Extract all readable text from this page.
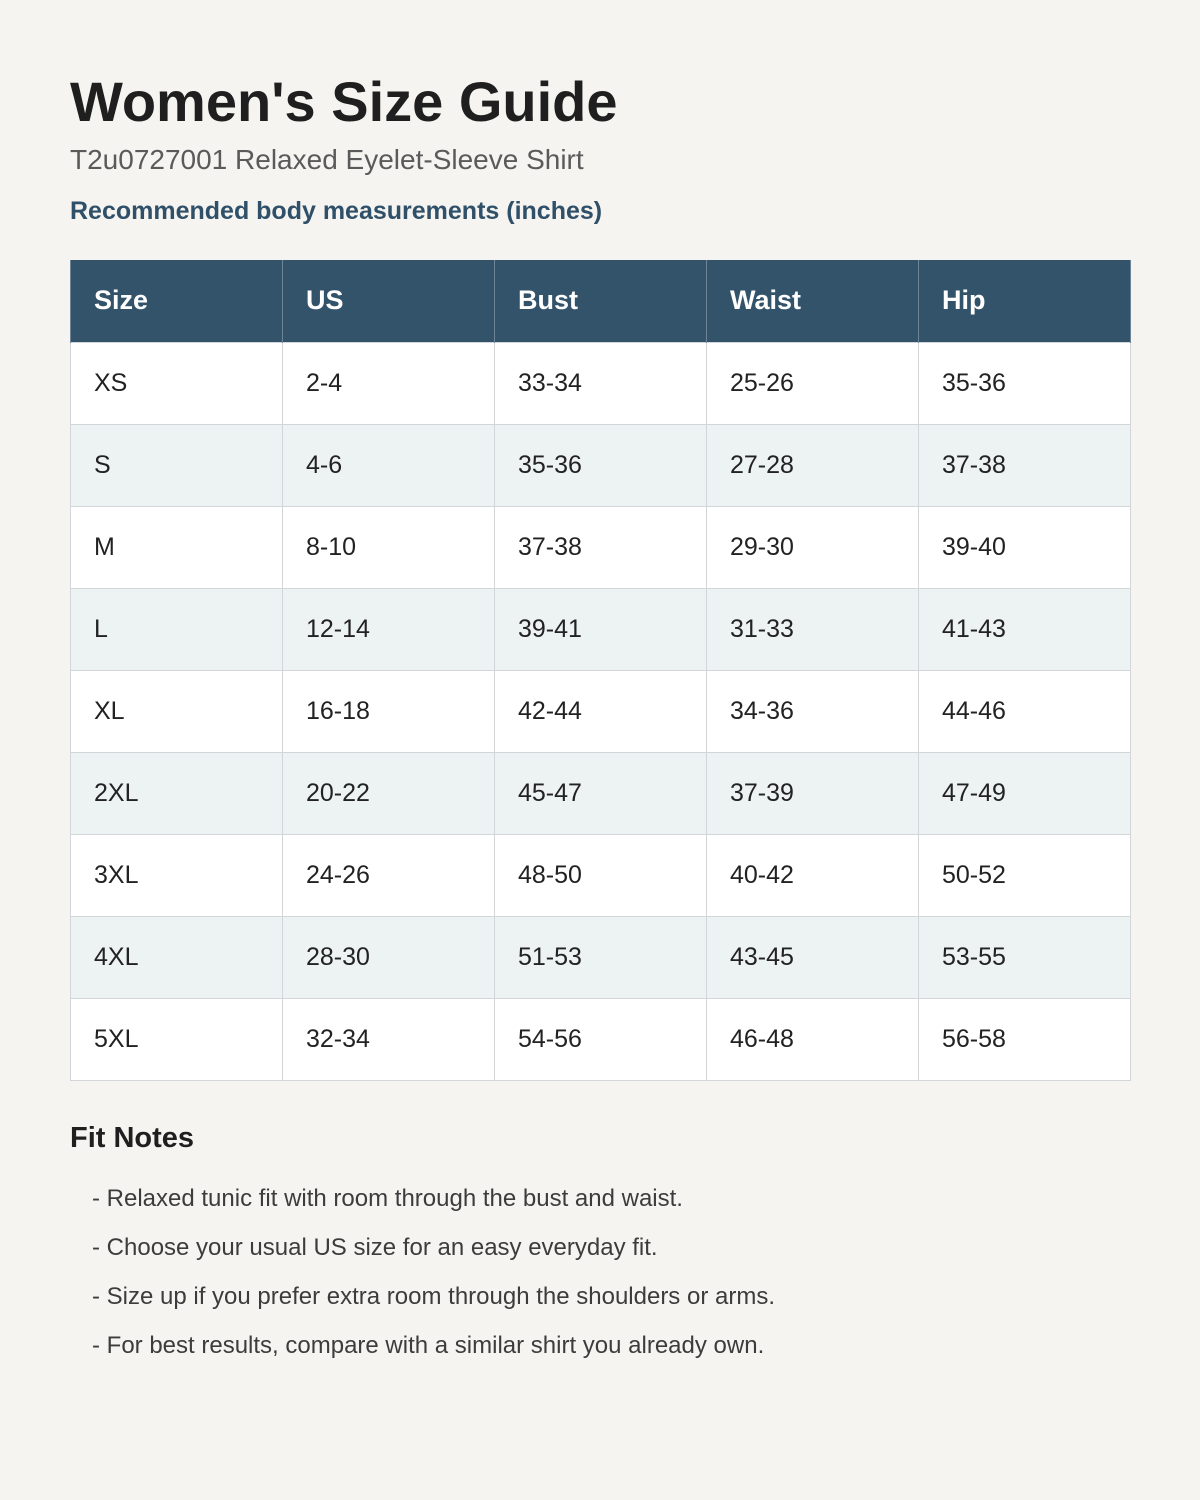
Women's Size Guide
T2u0727001 Relaxed Eyelet-Sleeve Shirt
Recommended body measurements (inches)
Size	US	Bust	Waist	Hip
XS	2-4	33-34	25-26	35-36
S	4-6	35-36	27-28	37-38
M	8-10	37-38	29-30	39-40
L	12-14	39-41	31-33	41-43
XL	16-18	42-44	34-36	44-46
2XL	20-22	45-47	37-39	47-49
3XL	24-26	48-50	40-42	50-52
4XL	28-30	51-53	43-45	53-55
5XL	32-34	54-56	46-48	56-58
Fit Notes
- Relaxed tunic fit with room through the bust and waist.
- Choose your usual US size for an easy everyday fit.
- Size up if you prefer extra room through the shoulders or arms.
- For best results, compare with a similar shirt you already own.
